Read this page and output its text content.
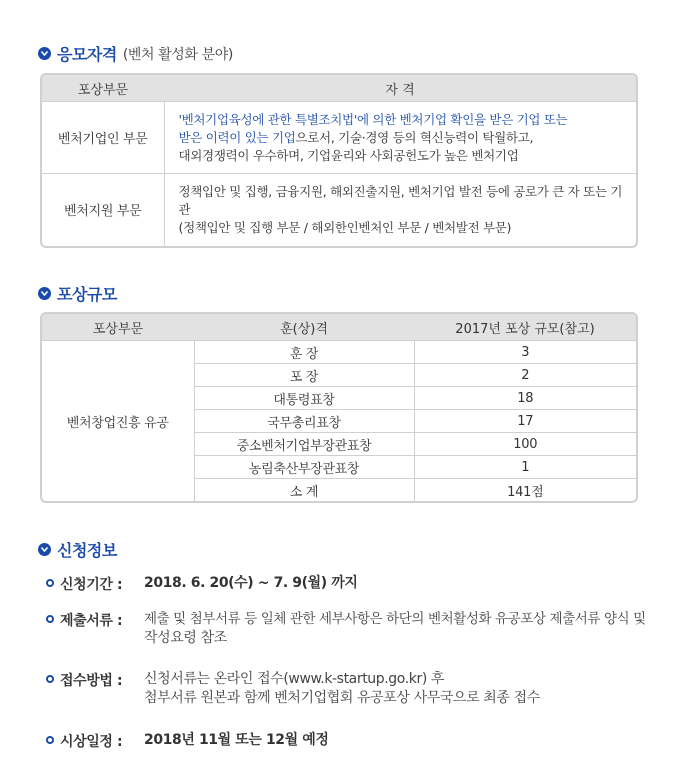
응모자격 (벤처 활성화 분야)
포상부문	자 격
벤처기업인 부문	'벤처기업육성에 관한 특별조치법'에 의한 벤처기업 확인을 받은 기업 또는
받은 이력이 있는 기업으로서, 기술·경영 등의 혁신능력이 탁월하고,
대외경쟁력이 우수하며, 기업윤리와 사회공헌도가 높은 벤처기업

벤처지원 부문	정책입안 및 집행, 금융지원, 해외진출지원, 벤처기업 발전 등에 공로가 큰 자 또는 기관
(정책입안 및 집행 부문 / 해외한인벤처인 부문 / 벤처발전 부문)
포상규모
포상부문	훈(상)격	2017년 포상 규모(참고)
벤처창업진흥 유공	훈 장	3
	포 장	2
	대통령표창	18
	국무총리표창	17
	중소벤처기업부장관표창	100
	농림축산부장관표창	1
	소 계	141점
신청정보
신청기간 :	2018. 6. 20(수) ~ 7. 9(월) 까지
제출서류 :	제출 및 첨부서류 등 일체 관한 세부사항은 하단의 벤처활성화 유공포상 제출서류 양식 및
작성요령 참조
접수방법 :	신청서류는 온라인 접수(www.k-startup.go.kr) 후
첨부서류 원본과 함께 벤처기업협회 유공포상 사무국으로 최종 접수
시상일정 :	2018년 11월 또는 12월 예정
